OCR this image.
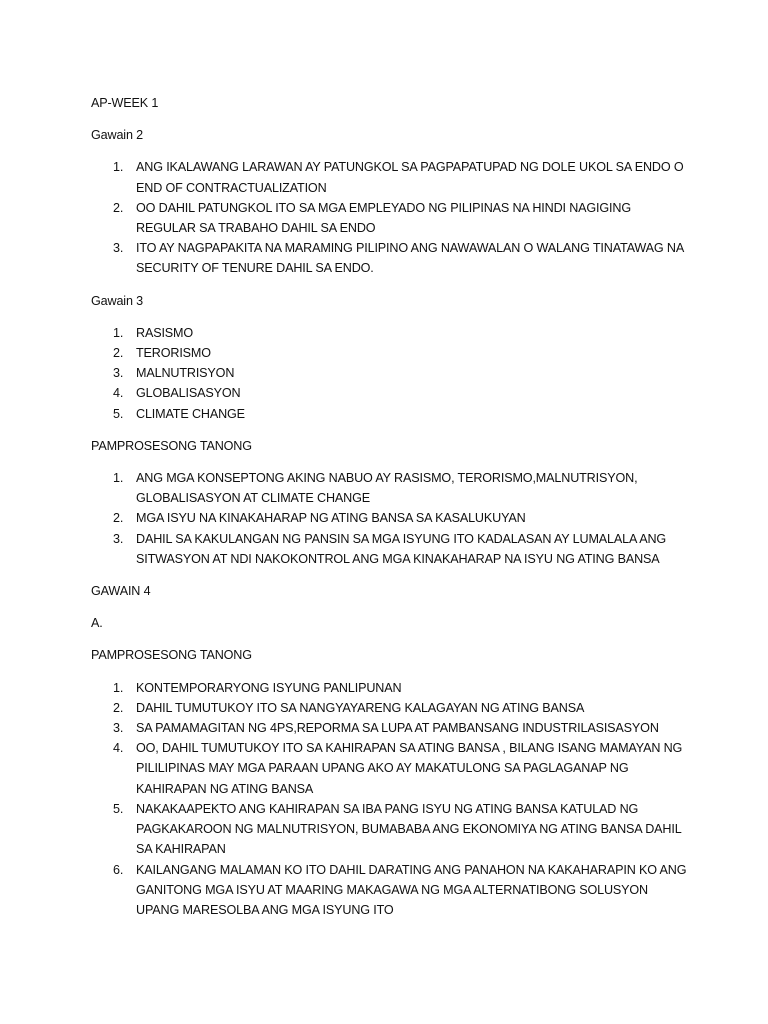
AP-WEEK 1
Gawain 2
1. ANG IKALAWANG LARAWAN AY PATUNGKOL SA PAGPAPATUPAD NG DOLE UKOL SA ENDO O END OF CONTRACTUALIZATION
2. OO DAHIL PATUNGKOL ITO SA MGA EMPLEYADO NG PILIPINAS NA HINDI NAGIGING REGULAR SA TRABAHO DAHIL SA ENDO
3. ITO AY NAGPAPAKITA NA MARAMING PILIPINO ANG NAWAWALAN O WALANG TINATAWAG NA SECURITY OF TENURE DAHIL SA ENDO.
Gawain 3
1. RASISMO
2. TERORISMO
3. MALNUTRISYON
4. GLOBALISASYON
5. CLIMATE CHANGE
PAMPROSESONG TANONG
1. ANG MGA KONSEPTONG AKING NABUO AY RASISMO, TERORISMO,MALNUTRISYON, GLOBALISASYON AT CLIMATE CHANGE
2. MGA ISYU NA KINAKAHARAP NG ATING BANSA SA KASALUKUYAN
3. DAHIL SA KAKULANGAN NG PANSIN SA MGA ISYUNG ITO KADALASAN AY LUMALALA ANG SITWASYON AT NDI NAKOKONTROL ANG MGA KINAKAHARAP NA ISYU NG ATING BANSA
GAWAIN 4
A.
PAMPROSESONG TANONG
1. KONTEMPORARYONG ISYUNG PANLIPUNAN
2. DAHIL TUMUTUKOY ITO SA NANGYAYARENG KALAGAYAN NG ATING BANSA
3. SA PAMAMAGITAN NG 4PS,REPORMA SA LUPA AT PAMBANSANG INDUSTRILASISASYON
4. OO, DAHIL TUMUTUKOY ITO SA KAHIRAPAN SA ATING BANSA , BILANG ISANG MAMAYAN NG PILILIPINAS MAY MGA PARAAN UPANG AKO AY MAKATULONG SA PAGLAGANAP NG KAHIRAPAN NG ATING BANSA
5. NAKAKAAPEKTO ANG KAHIRAPAN SA IBA PANG ISYU NG ATING BANSA KATULAD NG PAGKAKAROON NG MALNUTRISYON, BUMABABA ANG EKONOMIYA NG ATING BANSA DAHIL SA KAHIRAPAN
6. KAILANGANG MALAMAN KO ITO DAHIL DARATING ANG PANAHON NA KAKAHARAPIN KO ANG GANITONG MGA ISYU AT MAARING MAKAGAWA NG MGA ALTERNATIBONG SOLUSYON UPANG MARESOLBA ANG MGA ISYUNG ITO
